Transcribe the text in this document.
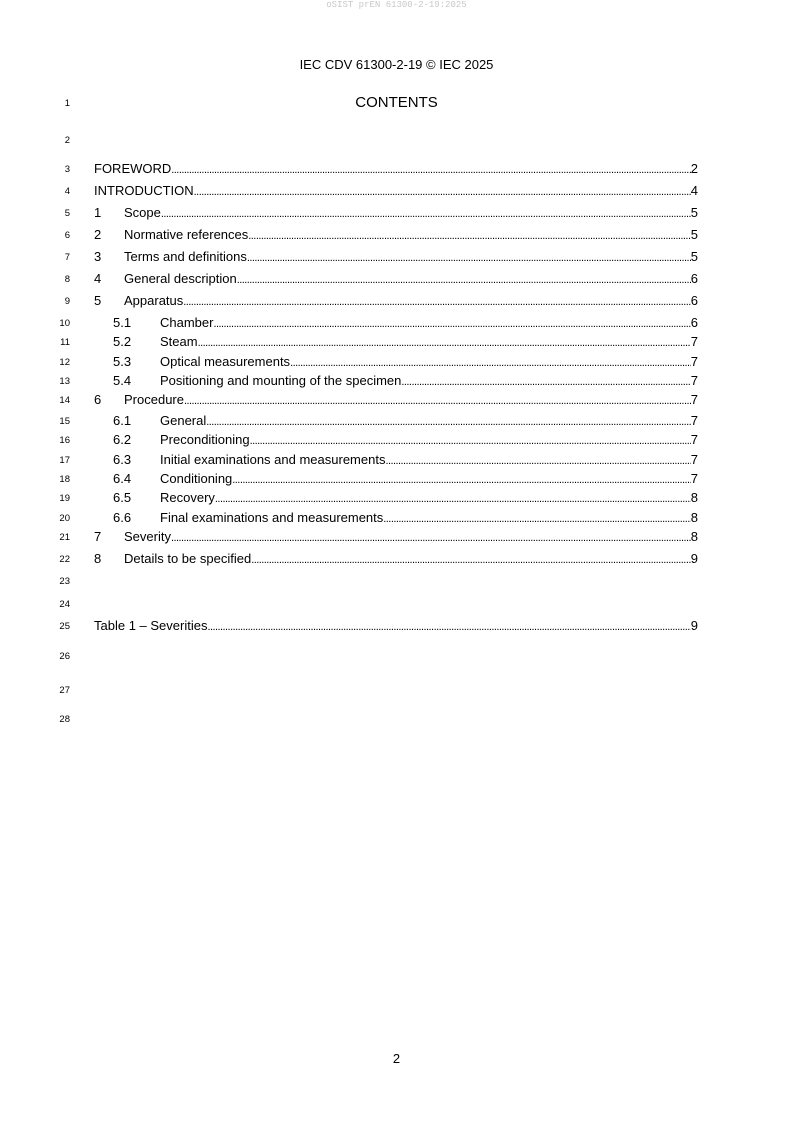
oSIST prEN 61300-2-19:2025
IEC CDV 61300-2-19 © IEC 2025
1
2
3
4
5
6
7
8
9
10
11
12
13
14
15
16
17
18
19
20
21
22
23
24
25
26
27
28
CONTENTS
FOREWORD . . .	2
INTRODUCTION . . .	4
1	Scope . . .	5
2	Normative references . . .	5
3	Terms and definitions . . .	5
4	General description . . .	6
5	Apparatus . . .	6
5.1	Chamber . . .	6
5.2	Steam . . .	7
5.3	Optical measurements . . .	7
5.4	Positioning and mounting of the specimen . . .	7
6	Procedure . . .	7
6.1	General . . .	7
6.2	Preconditioning . . .	7
6.3	Initial examinations and measurements . . .	7
6.4	Conditioning . . .	7
6.5	Recovery . . .	8
6.6	Final examinations and measurements . . .	8
7	Severity . . .	8
8	Details to be specified . . .	9
Table 1 – Severities . . .	9
2
